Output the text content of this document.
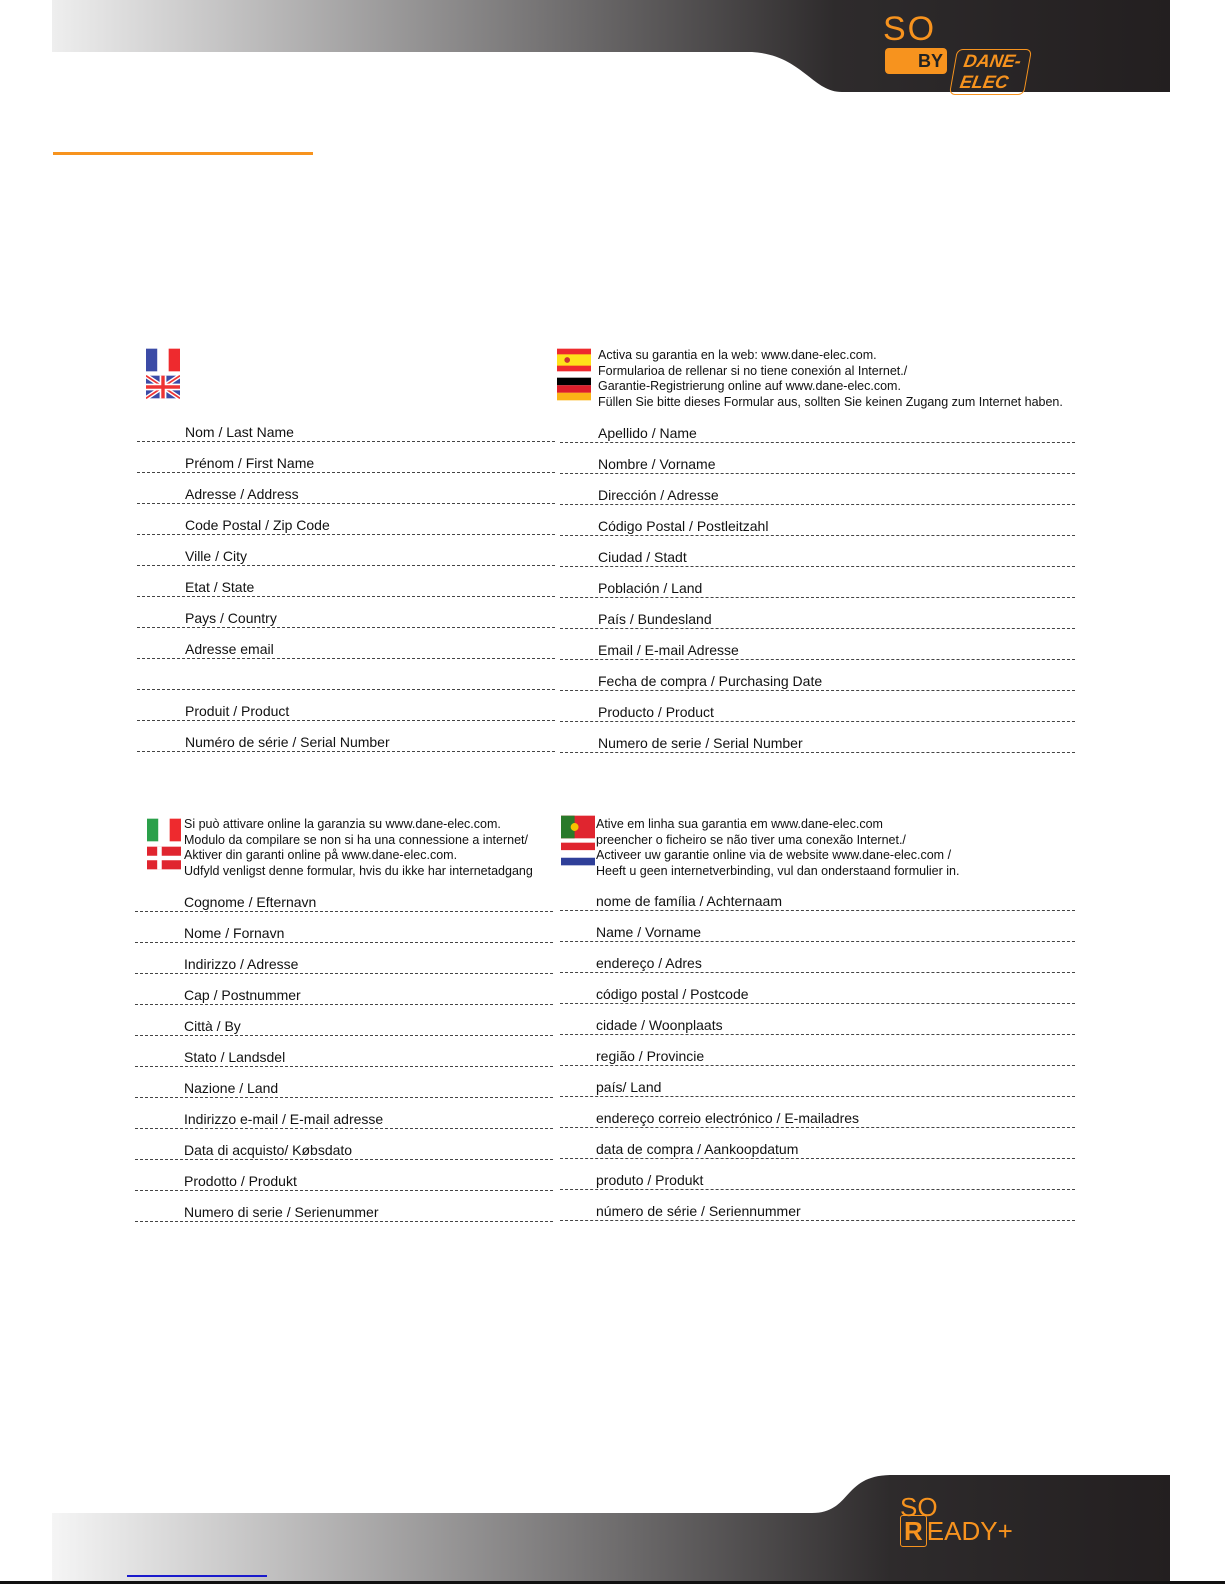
SO
BY	DANE-ELEC
Activa su garantia en la web: www.dane-elec.com.
Formularioa de rellenar si no tiene conexión al Internet./
Garantie-Registrierung online auf www.dane-elec.com.
Füllen Sie bitte dieses Formular aus, sollten Sie keinen Zugang zum Internet haben.
Si può attivare online la garanzia su www.dane-elec.com.
Modulo da compilare se non si ha una connessione a internet/
Aktiver din garanti online på www.dane-elec.com.
Udfyld venligst denne formular, hvis du ikke har internetadgang
Ative em linha sua garantia em www.dane-elec.com
preencher o ficheiro se não tiver uma conexão Internet./
Activeer uw garantie online via de website www.dane-elec.com /
Heeft u geen internetverbinding, vul dan onderstaand formulier in.
Nom / Last Name
Prénom / First Name
Adresse / Address
Code Postal / Zip Code
Ville / City
Etat / State
Pays / Country
Adresse email
Produit / Product
Numéro de série / Serial Number
Apellido / Name
Nombre / Vorname
Dirección / Adresse
Código Postal / Postleitzahl
Ciudad / Stadt
Población / Land
País / Bundesland
Email / E-mail Adresse
Fecha de compra / Purchasing Date
Producto / Product
Numero de serie / Serial Number
Cognome / Efternavn
Nome / Fornavn
Indirizzo / Adresse
Cap / Postnummer
Città / By
Stato / Landsdel
Nazione / Land
Indirizzo e-mail / E-mail adresse
Data di acquisto/ Købsdato
Prodotto / Produkt
Numero di serie / Serienummer
nome de família / Achternaam
Name / Vorname
endereço / Adres
código postal / Postcode
cidade / Woonplaats
região / Provincie
país/ Land
endereço correio electrónico / E-mailadres
data de compra / Aankoopdatum
produto / Produkt
número de série / Seriennummer
SO
R EADY+
